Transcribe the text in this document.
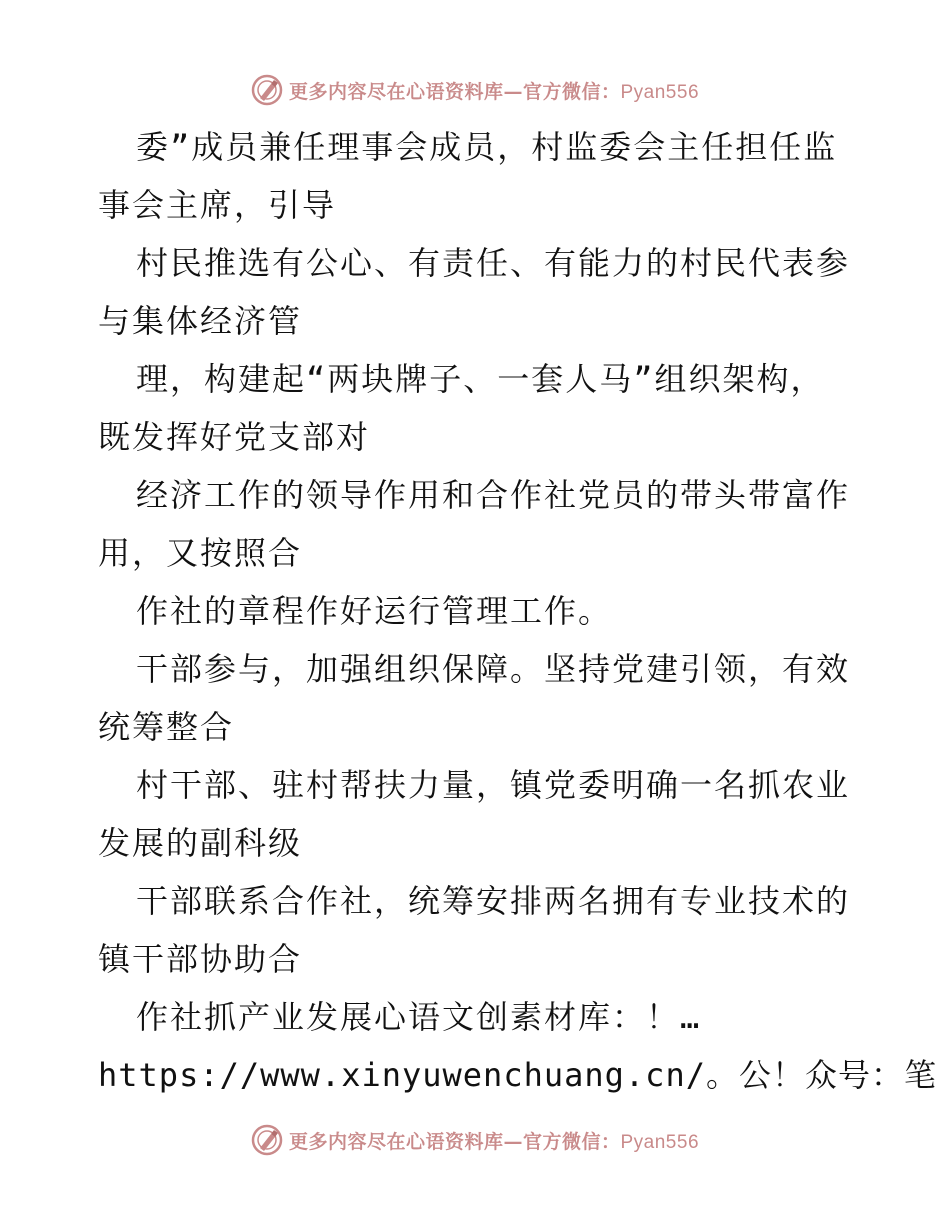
更多内容尽在心语资料库—官方微信：Pyan556
委”成员兼任理事会成员，村监委会主任担任监
事会主席，引导
村民推选有公心、有责任、有能力的村民代表参
与集体经济管
理，构建起“两块牌子、一套人马”组织架构，
既发挥好党支部对
经济工作的领导作用和合作社党员的带头带富作
用，又按照合
作社的章程作好运行管理工作。
干部参与，加强组织保障。坚持党建引领，有效
统筹整合
村干部、驻村帮扶力量，镇党委明确一名抓农业
发展的副科级
干部联系合作社，统筹安排两名拥有专业技术的
镇干部协助合
作社抓产业发展心语文创素材库：！…
https://www.xinyuwenchuang.cn/。公！众号：笔
更多内容尽在心语资料库—官方微信：Pyan556
